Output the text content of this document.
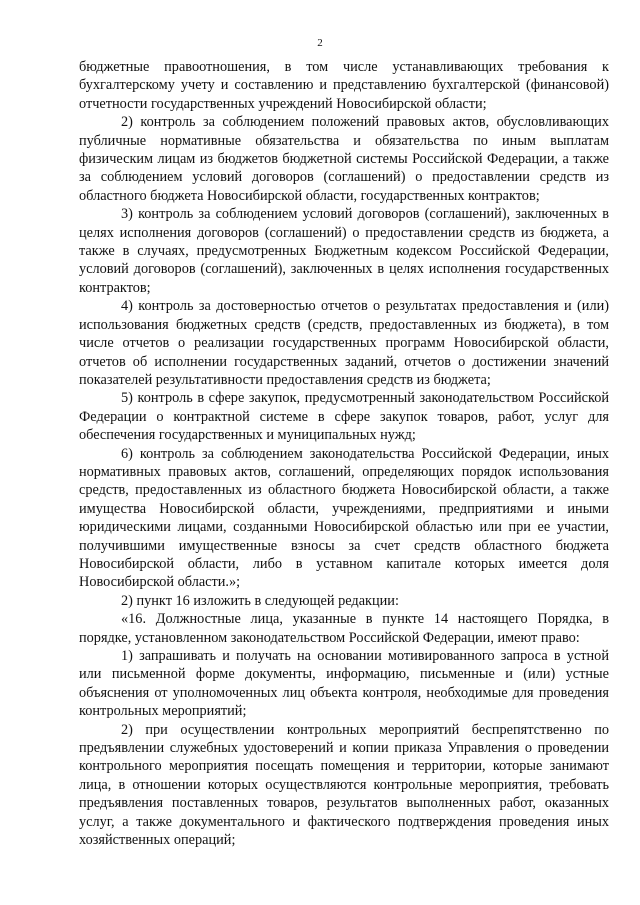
2

бюджетные правоотношения, в том числе устанавливающих требования к бухгалтерскому учету и составлению и представлению бухгалтерской (финансовой) отчетности государственных учреждений Новосибирской области;

2) контроль за соблюдением положений правовых актов, обусловливающих публичные нормативные обязательства и обязательства по иным выплатам физическим лицам из бюджетов бюджетной системы Российской Федерации, а также за соблюдением условий договоров (соглашений) о предоставлении средств из областного бюджета Новосибирской области, государственных контрактов;

3) контроль за соблюдением условий договоров (соглашений), заключенных в целях исполнения договоров (соглашений) о предоставлении средств из бюджета, а также в случаях, предусмотренных Бюджетным кодексом Российской Федерации, условий договоров (соглашений), заключенных в целях исполнения государственных контрактов;

4) контроль за достоверностью отчетов о результатах предоставления и (или) использования бюджетных средств (средств, предоставленных из бюджета), в том числе отчетов о реализации государственных программ Новосибирской области, отчетов об исполнении государственных заданий, отчетов о достижении значений показателей результативности предоставления средств из бюджета;

5) контроль в сфере закупок, предусмотренный законодательством Российской Федерации о контрактной системе в сфере закупок товаров, работ, услуг для обеспечения государственных и муниципальных нужд;

6) контроль за соблюдением законодательства Российской Федерации, иных нормативных правовых актов, соглашений, определяющих порядок использования средств, предоставленных из областного бюджета Новосибирской области, а также имущества Новосибирской области, учреждениями, предприятиями и иными юридическими лицами, созданными Новосибирской областью или при ее участии, получившими имущественные взносы за счет средств областного бюджета Новосибирской области, либо в уставном капитале которых имеется доля Новосибирской области.»;

2) пункт 16 изложить в следующей редакции:

«16. Должностные лица, указанные в пункте 14 настоящего Порядка, в порядке, установленном законодательством Российской Федерации, имеют право:

1) запрашивать и получать на основании мотивированного запроса в устной или письменной форме документы, информацию, письменные и (или) устные объяснения от уполномоченных лиц объекта контроля, необходимые для проведения контрольных мероприятий;

2) при осуществлении контрольных мероприятий беспрепятственно по предъявлении служебных удостоверений и копии приказа Управления о проведении контрольного мероприятия посещать помещения и территории, которые занимают лица, в отношении которых осуществляются контрольные мероприятия, требовать предъявления поставленных товаров, результатов выполненных работ, оказанных услуг, а также документального и фактического подтверждения проведения иных хозяйственных операций;
